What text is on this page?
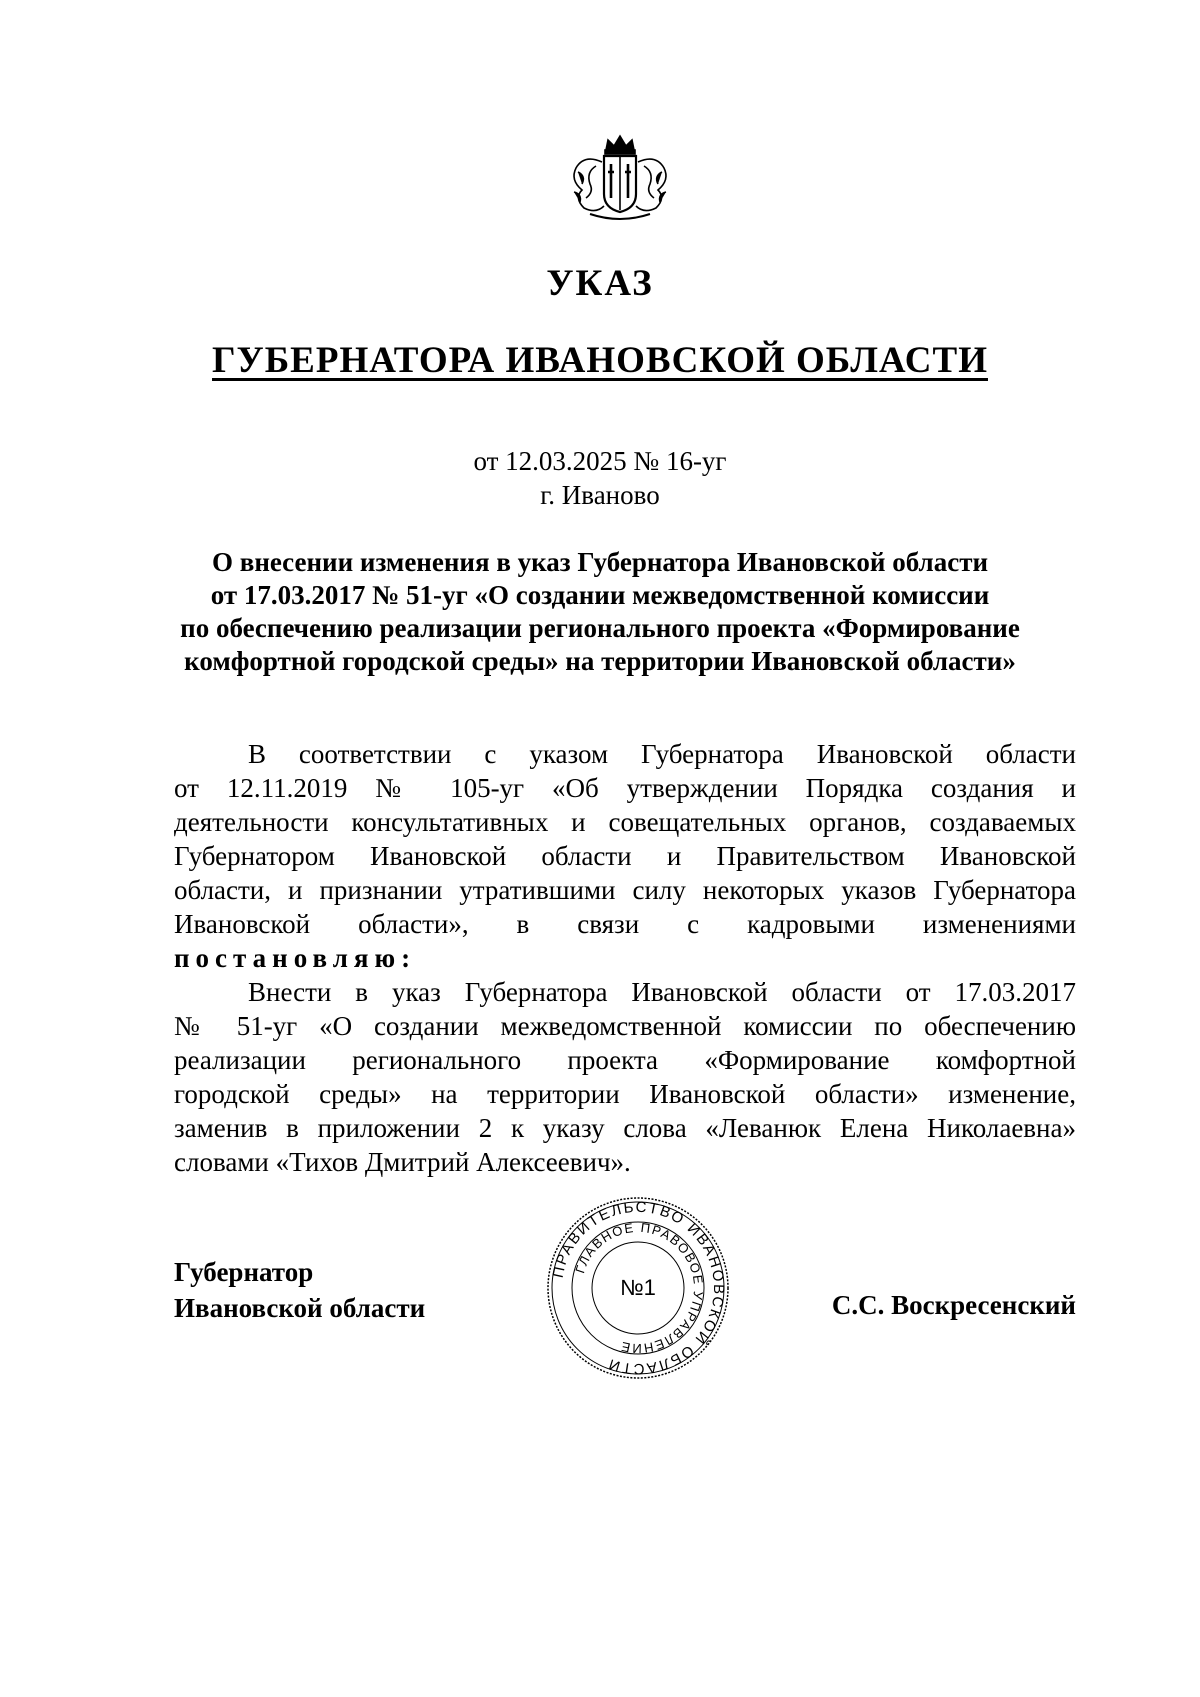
УКАЗ
ГУБЕРНАТОРА ИВАНОВСКОЙ ОБЛАСТИ
от 12.03.2025 № 16-уг
г. Иваново
О внесении изменения в указ Губернатора Ивановской области
от 17.03.2017 № 51-уг «О создании межведомственной комиссии
по обеспечению реализации регионального проекта «Формирование
комфортной городской среды» на территории Ивановской области»
В соответствии с указом Губернатора Ивановской области
от 12.11.2019 № 105-уг «Об утверждении Порядка создания и
деятельности консультативных и совещательных органов, создаваемых
Губернатором Ивановской области и Правительством Ивановской
области, и признании утратившими силу некоторых указов Губернатора
Ивановской области», в связи с кадровыми изменениями
постановляю:
Внести в указ Губернатора Ивановской области от 17.03.2017
№ 51-уг «О создании межведомственной комиссии по обеспечению
реализации регионального проекта «Формирование комфортной
городской среды» на территории Ивановской области» изменение,
заменив в приложении 2 к указу слова «Леванюк Елена Николаевна»
словами «Тихов Дмитрий Алексеевич».
Губернатор
Ивановской области	С.С. Воскресенский
ПРАВИТЕЛЬСТВО ИВАНОВСКОЙ ОБЛАСТИ
ГЛАВНОЕ ПРАВОВОЕ УПРАВЛЕНИЕ
№1
